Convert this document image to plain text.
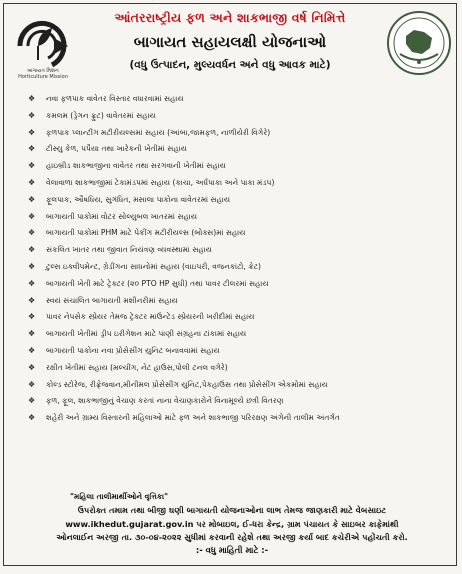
બાગાયત મિશન
Horticulture Mission
આંતરરાષ્ટ્રીય ફળ અને શાકભાજી વર્ષ નિમિત્તે
બાગાયત સહાયલક્ષી યોજનાઓ
(વધુ ઉત્પાદન, મુલ્યવર્ધન અને વધુ આવક માટે)
❖ નવા ફળપાક વાવેતર વિસ્તાર વધારવામાં સહાય
❖ કમલમ (ડ્રેગન ફ્રુટ) વાવેતરમાં સહાય
❖ ફળપાક પ્લાન્ટીંગ મટીરીયલ્સમાં સહાય (આંબા,જામફળ, નાળીયેરી વિગેરે)
❖ ટીસ્યુ કેળ, પપૈયા તથા ખારેકની ખેતીમાં સહાય
❖ હાઇબ્રીડ શાકભાજીના વાવેતર તથા સરગવાની ખેતીમાં સહાય
❖ વેલાવાળા શાકભાજીમાં ટેકામંડપમાં સહાય (કાચા, અર્ધપાકા અને પાકા મંડપ)
❖ ફૂલપાક, ઔષધિય, સુગંધિત, મસાલા પાકોના વાવેતરમાં સહાય
❖ બાગાયતી પાકોમાં વોટર સોલ્યુબલ ખાતરમાં સહાય
❖ બાગાયતી પાકોમાં PHM માટે પેકીંગ મટીરીયલ્સ (બોક્સ)માં સહાય
❖ સંકલિત ખાતર તથા જીવાત નિયંત્રણ વ્યવસ્થામાં સહાય
❖ ટુલ્સ ઇક્વીપમેન્ટ, ગ્રેડીંગના સાધનોમાં સહાય (વાઇપરી, વજનકાંટો, ક્રેટ)
❖ બાગાયતી ખેતી માટે ટ્રેક્ટર (૨૦ PTO HP સુધી) તથા પાવર ટીલરમાં સહાય
❖ સ્વયં સંચાલિત બાગાયતી મશીનરીમાં સહાય
❖ પાવર નેપસેક સ્પ્રેયર તેમજ ટ્રેક્ટર માઉન્ટેડ સ્પ્રેયરની ખરીદીમાં સહાય
❖ બાગાયતી ખેતીમાં ડ્રીપ ઇરીગેશન માટે પાણી સંગ્રહના ટાંકામાં સહાય
❖ બાગાયતી પાકોના નવા પ્રોસેસીંગ યુનિટ બનાવવામાં સહાય
❖ રક્ષીત ખેતીમાં સહાય (મલ્ચીંગ, નેટ હાઉસ,પોલી ટનલ વગેરે)
❖ કોલ્ડ સ્ટોરેજ, રીફ્રેજવાન,મીનીમલ પ્રોસેસીંગ યુનિટ,પેકહાઉસ તથા પ્રોસેસીંગ એકમોમાં સહાય
❖ ફળ, ફૂલ, શાકભાજીનું વેચાણ કરતાં નાના વેચાણકારોને વિનામૂલ્યે છત્રી વિતરણ
❖ શહેરી અને ગ્રામ્ય વિસ્તારની મહિલાઓ માટે ફળ અને શાકભાજી પરિરક્ષણ અંગેની તાલીમ અંતર્ગત
"મહિલા તાલીમાર્થીઓને વૃત્તિકા"
ઉપરોક્ત તમામ તથા બીજી ઘણી બાગાયતી યોજનાઓના લાભ તેમજ જાણકારી માટે વેબસાઇટ
www.ikhedut.gujarat.gov.in પર મોબાઇલ, ઈ-ધરા કેન્દ્ર, ગ્રામ પંચાયત કે સાઇબર કાફેમાંથી
ઓનલાઈન અરજી તા. ૩૦-૦૪-૨૦૨૨ સુધીમાં કરવાની રહેશે તથા અરજી કર્યા બાદ કચેરીએ પહોંચતી કરો.
:- વધુ માહિતી માટે :-
